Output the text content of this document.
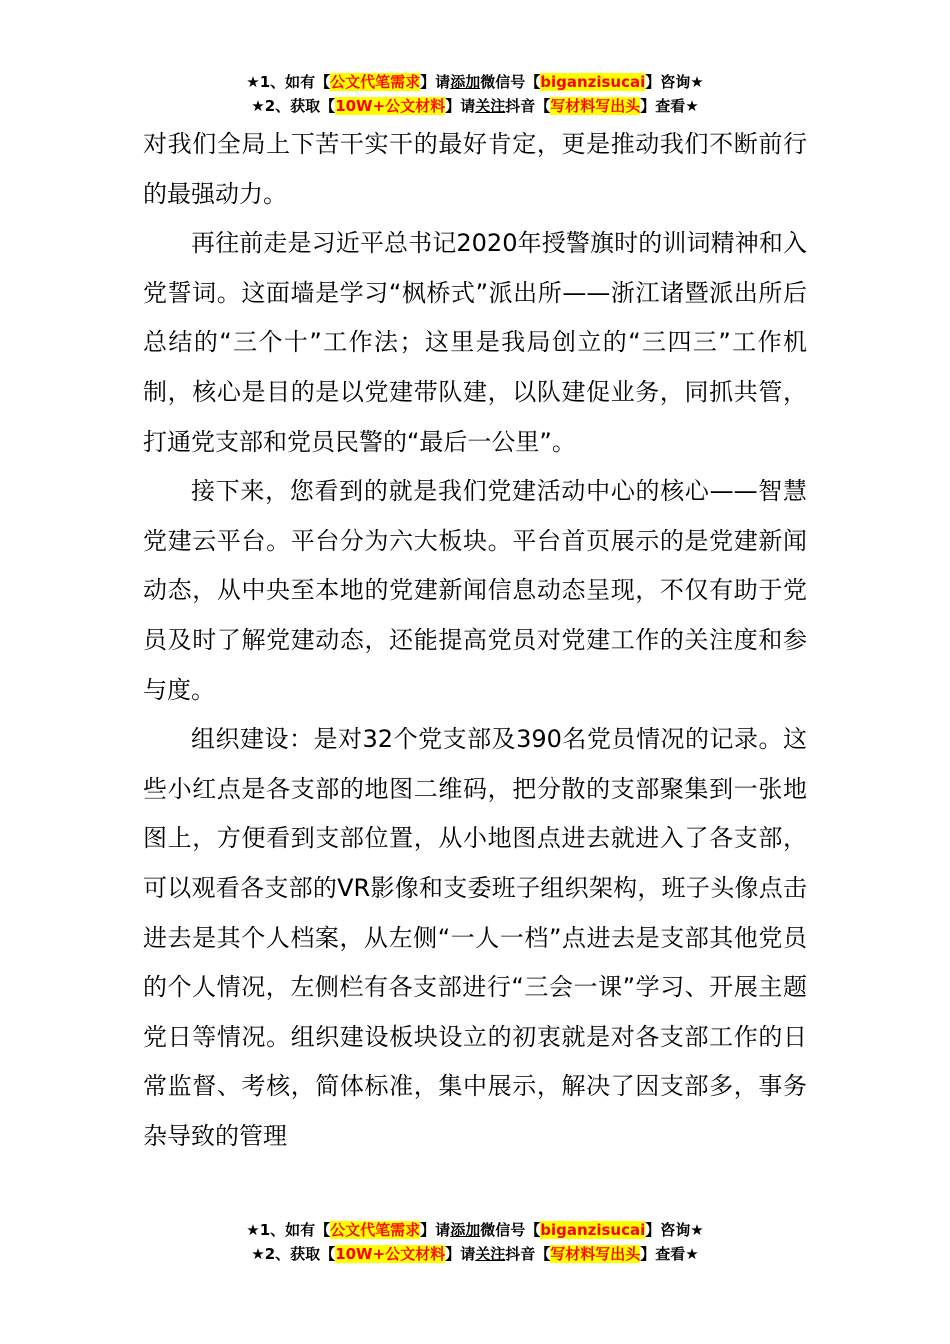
★1、如有【公文代笔需求】请添加微信号【biganzisucai】咨询★
★2、获取【10W+公文材料】请关注抖音【写材料写出头】查看★

对我们全局上下苦干实干的最好肯定，更是推动我们不断前行的最强动力。

再往前走是习近平总书记2020年授警旗时的训词精神和入党誓词。这面墙是学习“枫桥式”派出所——浙江诸暨派出所后总结的“三个十”工作法；这里是我局创立的“三四三”工作机制，核心是目的是以党建带队建，以队建促业务，同抓共管，打通党支部和党员民警的“最后一公里”。

接下来，您看到的就是我们党建活动中心的核心——智慧党建云平台。平台分为六大板块。平台首页展示的是党建新闻动态，从中央至本地的党建新闻信息动态呈现，不仅有助于党员及时了解党建动态，还能提高党员对党建工作的关注度和参与度。

组织建设：是对32个党支部及390名党员情况的记录。这些小红点是各支部的地图二维码，把分散的支部聚集到一张地图上，方便看到支部位置，从小地图点进去就进入了各支部，可以观看各支部的VR影像和支委班子组织架构，班子头像点击进去是其个人档案，从左侧“一人一档”点进去是支部其他党员的个人情况，左侧栏有各支部进行“三会一课”学习、开展主题党日等情况。组织建设板块设立的初衷就是对各支部工作的日常监督、考核，简体标准，集中展示，解决了因支部多，事务杂导致的管理

★1、如有【公文代笔需求】请添加微信号【biganzisucai】咨询★
★2、获取【10W+公文材料】请关注抖音【写材料写出头】查看★
